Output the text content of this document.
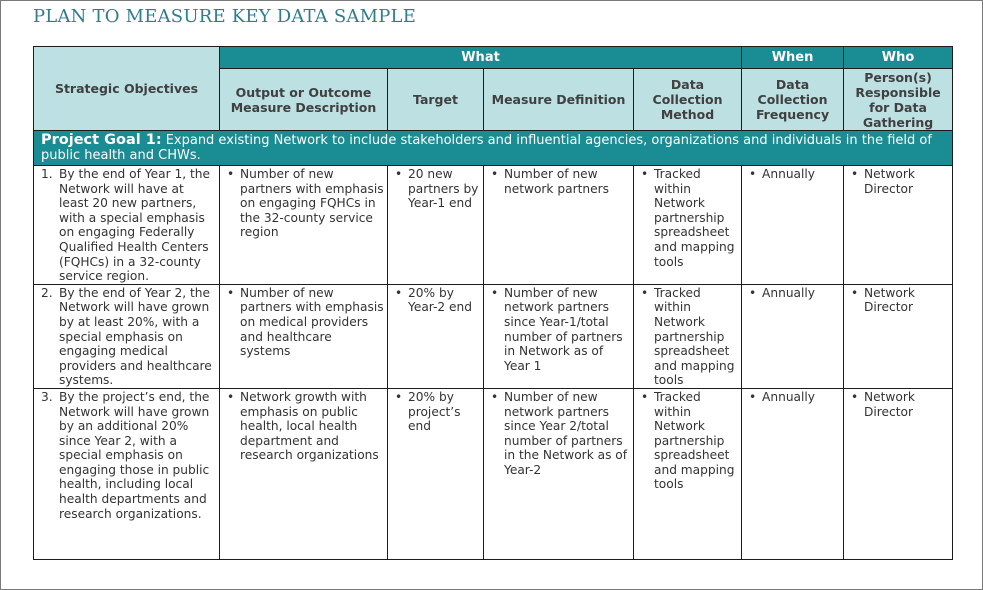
PLAN TO MEASURE KEY DATA SAMPLE
Strategic Objectives	What				When	Who
	Output or Outcome Measure Description	Target	Measure Definition	Data Collection Method	Data Collection Frequency	Person(s) Responsible for Data Gathering
Project Goal 1: Expand existing Network to include stakeholders and influential agencies, organizations and individuals in the field of public health and CHWs.						

1. By the end of Year 1, the Network will have at least 20 new partners, with a special emphasis on engaging Federally Qualified Health Centers (FQHCs) in a 32-county service region.	• Number of new partners with emphasis on engaging FQHCs in the 32-county service region	• 20 new partners by Year-1 end	• Number of new network partners	• Tracked within Network partnership spreadsheet and mapping tools	• Annually	• Network Director

2. By the end of Year 2, the Network will have grown by at least 20%, with a special emphasis on engaging medical providers and healthcare systems.	• Number of new partners with emphasis on medical providers and healthcare systems	• 20% by Year-2 end	• Number of new network partners since Year-1/total number of partners in Network as of Year 1	• Tracked within Network partnership spreadsheet and mapping tools	• Annually	• Network Director

3. By the project’s end, the Network will have grown by an additional 20% since Year 2, with a special emphasis on engaging those in public health, including local health departments and research organizations.	• Network growth with emphasis on public health, local health department and research organizations	• 20% by project’s end	• Number of new network partners since Year 2/total number of partners in the Network as of Year-2	• Tracked within Network partnership spreadsheet and mapping tools	• Annually	• Network Director
